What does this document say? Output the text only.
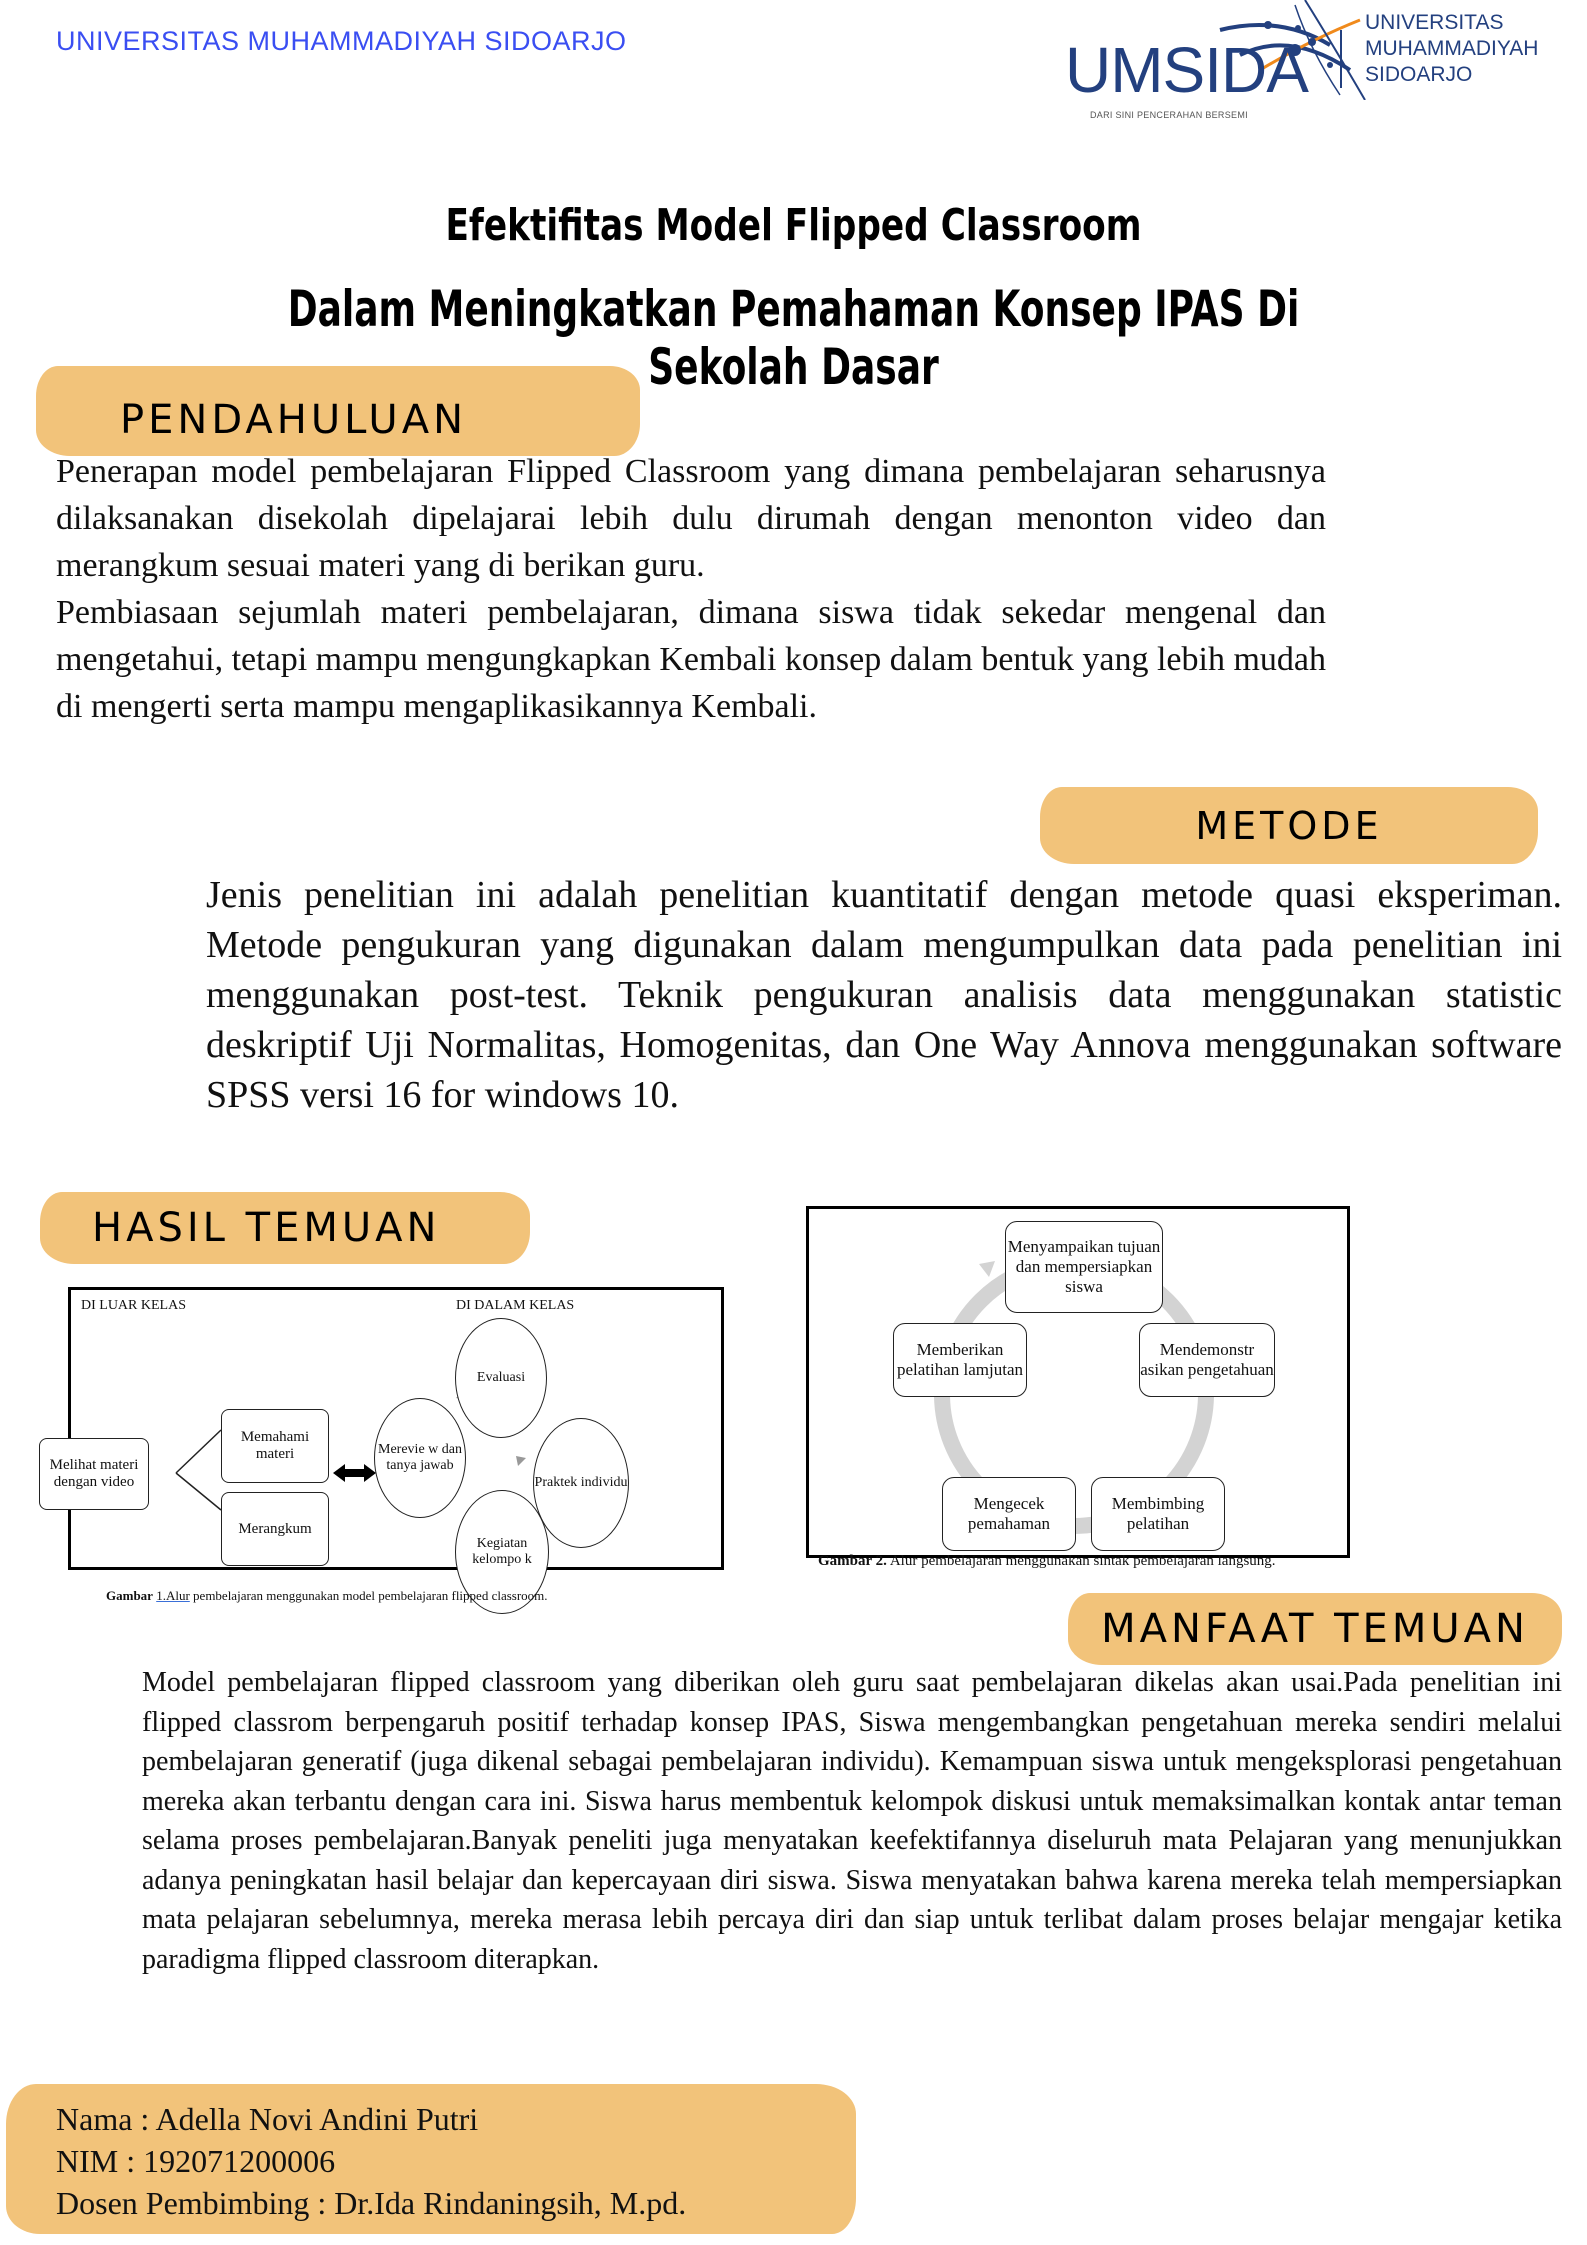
UNIVERSITAS MUHAMMADIYAH SIDOARJO	UMSIDA
DARI SINI PENCERAHAN BERSEMI
UNIVERSITAS
MUHAMMADIYAH
SIDOARJO
Efektifitas Model Flipped Classroom
Dalam Meningkatkan Pemahaman Konsep IPAS Di Sekolah Dasar
PENDAHULUAN
Penerapan model pembelajaran Flipped Classroom yang dimana pembelajaran seharusnya dilaksanakan disekolah dipelajarai lebih dulu dirumah dengan menonton video dan merangkum sesuai materi yang di berikan guru.
Pembiasaan sejumlah materi pembelajaran, dimana siswa tidak sekedar mengenal dan mengetahui, tetapi mampu mengungkapkan Kembali konsep dalam bentuk yang lebih mudah di mengerti serta mampu mengaplikasikannya Kembali.
METODE
Jenis penelitian ini adalah penelitian kuantitatif dengan metode quasi eksperiman. Metode pengukuran yang digunakan dalam mengumpulkan data pada penelitian ini menggunakan post-test. Teknik pengukuran analisis data menggunakan statistic deskriptif Uji Normalitas, Homogenitas, dan One Way Annova menggunakan software SPSS versi 16 for windows 10.
HASIL TEMUAN
DI LUAR KELAS	DI DALAM KELAS
Melihat materi dengan video
Memahami materi
Merangkum
Evaluasi
Praktek individu
Kegiatan kelompo k
Merevie w dan tanya jawab
Gambar 1.Alur pembelajaran menggunakan model pembelajaran flipped classroom.
Menyampaikan tujuan dan mempersiapkan siswa
Mendemonstr asikan pengetahuan
Membimbing pelatihan
Mengecek pemahaman
Memberikan pelatihan lamjutan
Gambar 2. Alur pembelajaran menggunakan sintak pembelajaran langsung.
MANFAAT TEMUAN
Model pembelajaran flipped classroom yang diberikan oleh guru saat pembelajaran dikelas akan usai.Pada penelitian ini flipped classrom berpengaruh positif terhadap konsep IPAS, Siswa mengembangkan pengetahuan mereka sendiri melalui pembelajaran generatif (juga dikenal sebagai pembelajaran individu). Kemampuan siswa untuk mengeksplorasi pengetahuan mereka akan terbantu dengan cara ini. Siswa harus membentuk kelompok diskusi untuk memaksimalkan kontak antar teman selama proses pembelajaran.Banyak peneliti juga menyatakan keefektifannya diseluruh mata Pelajaran yang menunjukkan adanya peningkatan hasil belajar dan kepercayaan diri siswa. Siswa menyatakan bahwa karena mereka telah mempersiapkan mata pelajaran sebelumnya, mereka merasa lebih percaya diri dan siap untuk terlibat dalam proses belajar mengajar ketika paradigma flipped classroom diterapkan.
Nama : Adella Novi Andini Putri
NIM : 192071200006
Dosen Pembimbing : Dr.Ida Rindaningsih, M.pd.
